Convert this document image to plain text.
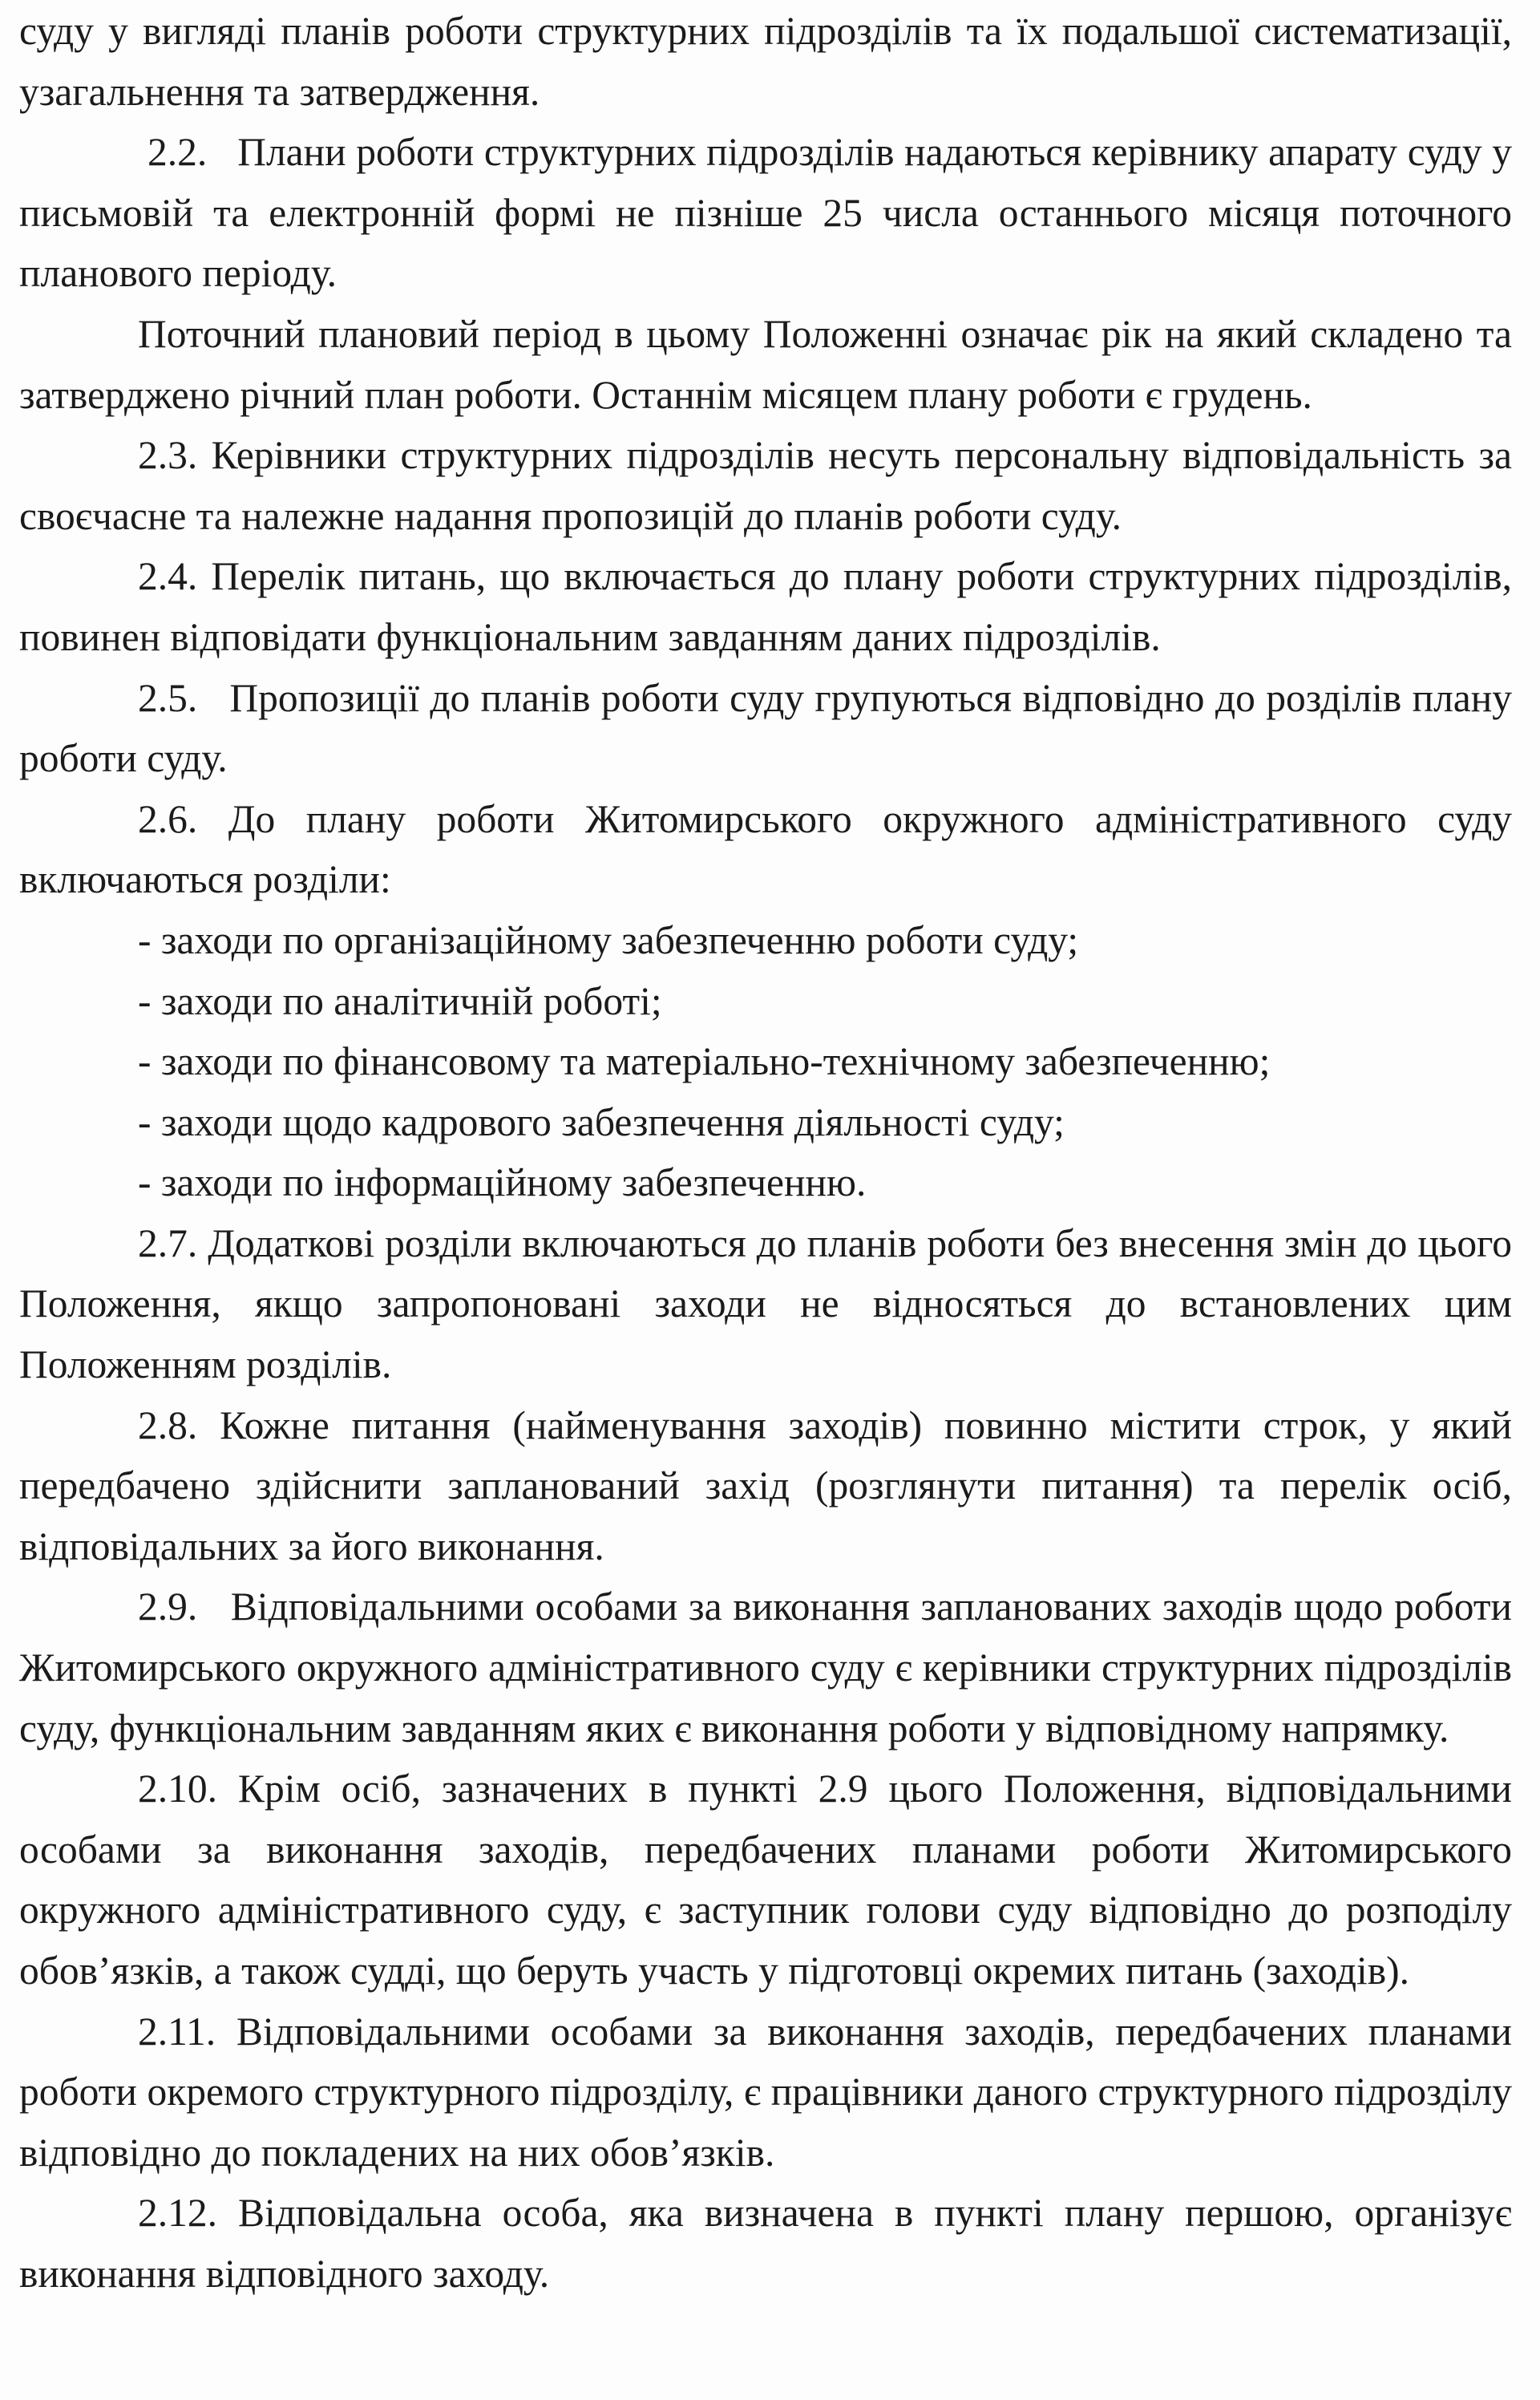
суду у вигляді планів роботи структурних підрозділів та їх подальшої систематизації, узагальнення та затвердження.

2.2. Плани роботи структурних підрозділів надаються керівнику апарату суду у письмовій та електронній формі не пізніше 25 числа останнього місяця поточного планового періоду.

Поточний плановий період в цьому Положенні означає рік на який складено та затверджено річний план роботи. Останнім місяцем плану роботи є грудень.

2.3. Керівники структурних підрозділів несуть персональну відповідальність за своєчасне та належне надання пропозицій до планів роботи суду.

2.4. Перелік питань, що включається до плану роботи структурних підрозділів, повинен відповідати функціональним завданням даних підрозділів.

2.5. Пропозиції до планів роботи суду групуються відповідно до розділів плану роботи суду.

2.6. До плану роботи Житомирського окружного адміністративного суду включаються розділи:

- заходи по організаційному забезпеченню роботи суду;

- заходи по аналітичній роботі;

- заходи по фінансовому та матеріально-технічному забезпеченню;

- заходи щодо кадрового забезпечення діяльності суду;

- заходи по інформаційному забезпеченню.

2.7. Додаткові розділи включаються до планів роботи без внесення змін до цього Положення, якщо запропоновані заходи не відносяться до встановлених цим Положенням розділів.

2.8. Кожне питання (найменування заходів) повинно містити строк, у який передбачено здійснити запланований захід (розглянути питання) та перелік осіб, відповідальних за його виконання.

2.9. Відповідальними особами за виконання запланованих заходів щодо роботи Житомирського окружного адміністративного суду є керівники структурних підрозділів суду, функціональним завданням яких є виконання роботи у відповідному напрямку.

2.10. Крім осіб, зазначених в пункті 2.9 цього Положення, відповідальними особами за виконання заходів, передбачених планами роботи Житомирського окружного адміністративного суду, є заступник голови суду відповідно до розподілу обов’язків, а також судді, що беруть участь у підготовці окремих питань (заходів).

2.11. Відповідальними особами за виконання заходів, передбачених планами роботи окремого структурного підрозділу, є працівники даного структурного підрозділу відповідно до покладених на них обов’язків.

2.12. Відповідальна особа, яка визначена в пункті плану першою, організує виконання відповідного заходу.
